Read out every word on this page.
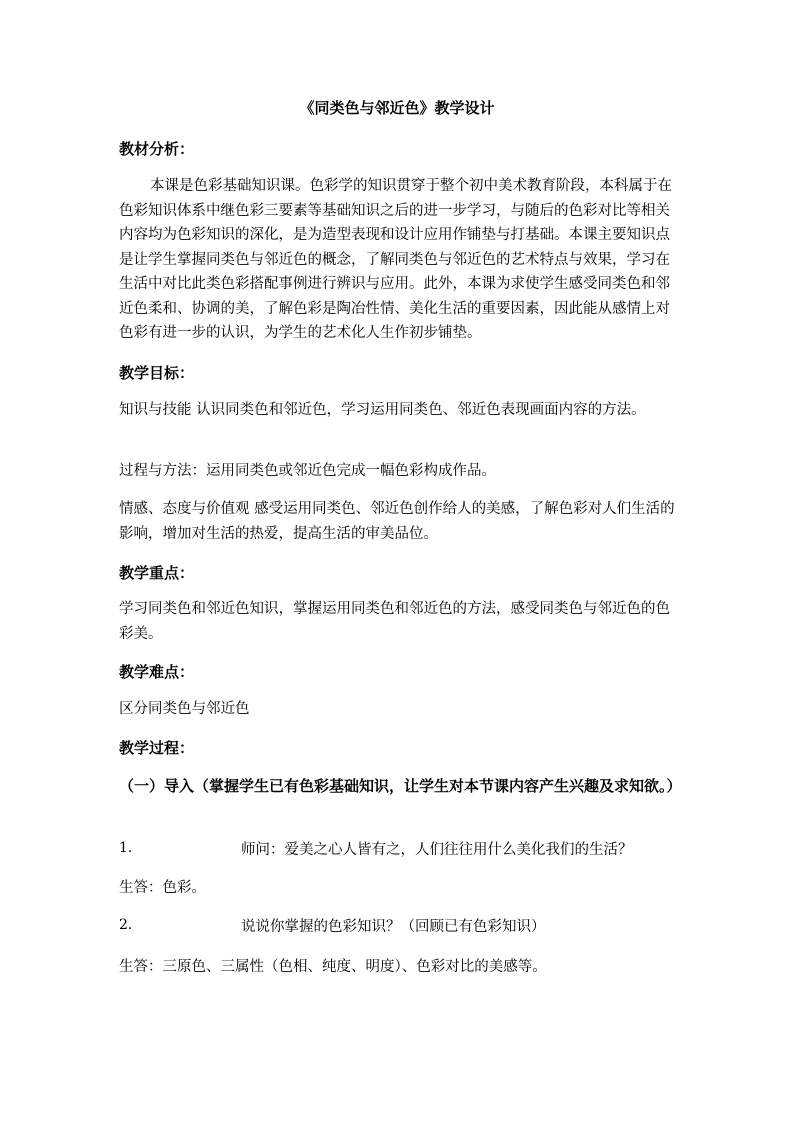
《同类色与邻近色》教学设计
教材分析：
本课是色彩基础知识课。色彩学的知识贯穿于整个初中美术教育阶段，本科属于在色彩知识体系中继色彩三要素等基础知识之后的进一步学习，与随后的色彩对比等相关内容均为色彩知识的深化，是为造型表现和设计应用作铺垫与打基础。本课主要知识点是让学生掌握同类色与邻近色的概念，了解同类色与邻近色的艺术特点与效果，学习在生活中对比此类色彩搭配事例进行辨识与应用。此外，本课为求使学生感受同类色和邻近色柔和、协调的美，了解色彩是陶冶性情、美化生活的重要因素，因此能从感情上对色彩有进一步的认识，为学生的艺术化人生作初步铺垫。
教学目标：
知识与技能 认识同类色和邻近色，学习运用同类色、邻近色表现画面内容的方法。
过程与方法：运用同类色或邻近色完成一幅色彩构成作品。
情感、态度与价值观 感受运用同类色、邻近色创作给人的美感，了解色彩对人们生活的影响，增加对生活的热爱，提高生活的审美品位。
教学重点：
学习同类色和邻近色知识，掌握运用同类色和邻近色的方法，感受同类色与邻近色的色彩美。
教学难点：
区分同类色与邻近色
教学过程：
（一）导入（掌握学生已有色彩基础知识，让学生对本节课内容产生兴趣及求知欲。）
1.	师问：爱美之心人皆有之，人们往往用什么美化我们的生活？
生答：色彩。
2.	说说你掌握的色彩知识？（回顾已有色彩知识）
生答：三原色、三属性（色相、纯度、明度）、色彩对比的美感等。
